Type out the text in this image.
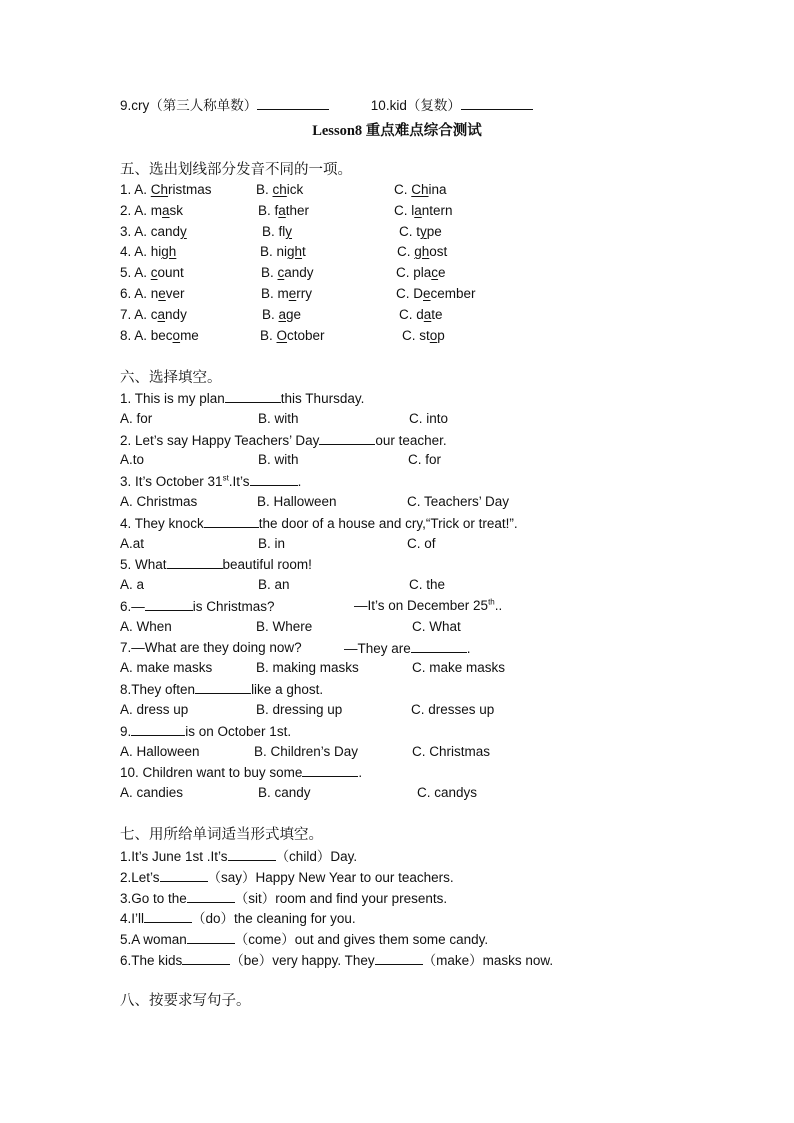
9.cry（第三人称单数）	10.kid（复数）
Lesson8 重点难点综合测试
五、选出划线部分发音不同的一项。
1. A. Christmas	B. chick	C. China
2. A. mask	B. father	C. lantern
3. A. candy	B. fly	C. type
4. A. high	B. night	C. ghost
5. A. count	B. candy	C. place
6. A. never	B. merry	C. December
7. A. candy	B. age	C. date
8. A. become	B. October	C. stop
六、选择填空。
1. This is my plan	this Thursday.
A. for	B. with	C. into
2. Let’s say Happy Teachers’ Day	our teacher.
A.to	B. with	C. for
3. It’s October 31st.It’s	.
A. Christmas	B. Halloween	C. Teachers’ Day
4. They knock	the door of a house and cry,“Trick or treat!”.
A.at	B. in	C. of
5. What	beautiful room!
A. a	B. an	C. the
6.—	is Christmas?	—It’s on December 25th..
A. When	B. Where	C. What
7.—What are they doing now?	—They are	.
A. make masks	B. making masks	C. make masks
8.They often	like a ghost.
A. dress up	B. dressing up	C. dresses up
9.	is on October 1st.
A. Halloween	B. Children’s Day	C. Christmas
10. Children want to buy some	.
A. candies	B. candy	C. candys
七、用所给单词适当形式填空。
1.It’s June 1st .It’s	（child）Day.
2.Let’s	（say）Happy New Year to our teachers.
3.Go to the	（sit）room and find your presents.
4.I’ll	（do）the cleaning for you.
5.A woman	（come）out and gives them some candy.
6.The kids	（be）very happy. They	（make）masks now.
八、按要求写句子。
